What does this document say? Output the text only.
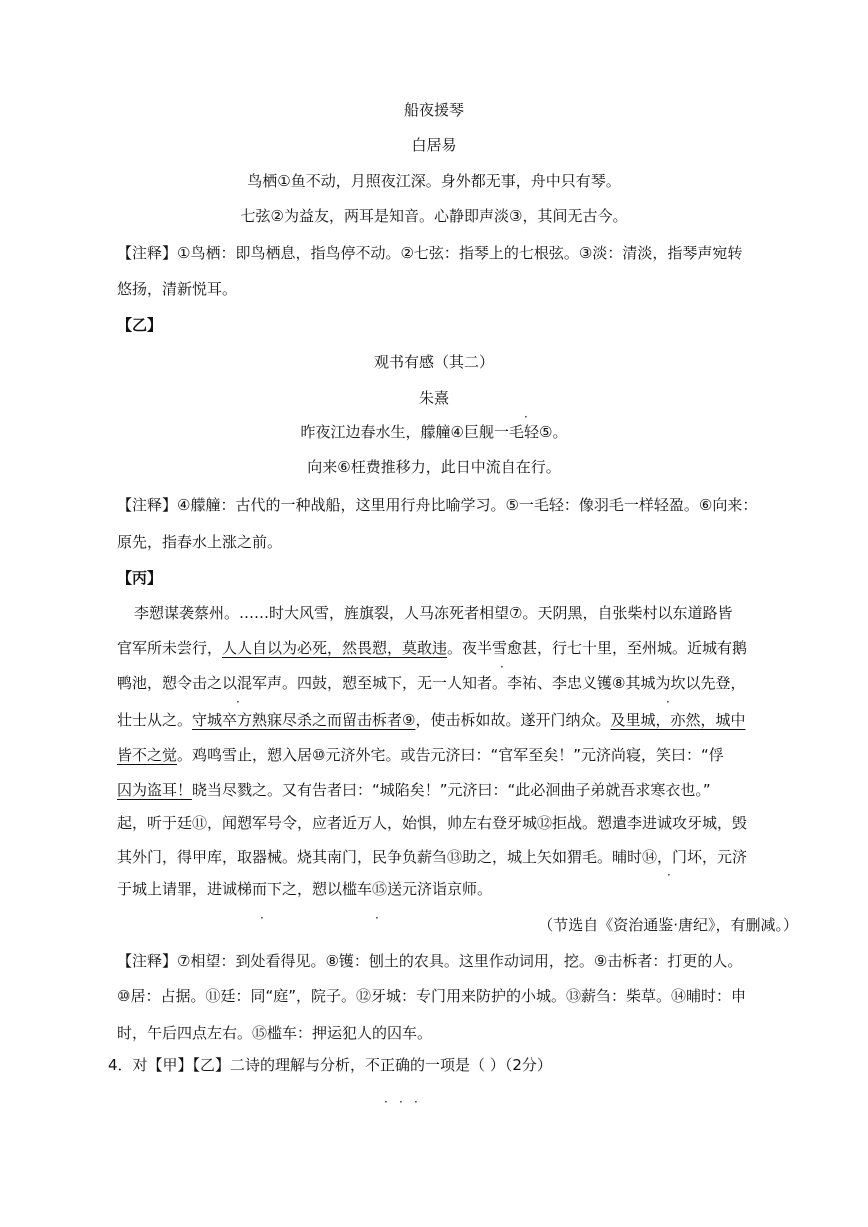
船夜援琴
白居易
鸟栖①鱼不动，月照夜江深。身外都无事，舟中只有琴。
七弦②为益友，两耳是知音。心静即声淡③，其间无古今。
【注释】①鸟栖：即鸟栖息，指鸟停不动。②七弦：指琴上的七根弦。③淡：清淡，指琴声宛转
悠扬，清新悦耳。
【乙】
观书有感（其二）
朱熹
昨夜江边春水生，艨艟④巨舰一毛轻⑤。
向来⑥枉费推移力，此日中流自在行。
【注释】④艨艟：古代的一种战船，这里用行舟比喻学习。⑤一毛轻：像羽毛一样轻盈。⑥向来：
原先，指春水上涨之前。
【丙】
李愬谋袭蔡州。……时大风雪，旌旗裂，人马冻死者相望⑦。天阴黑，自张柴村以东道路皆
官军所未尝行，人人自以为必死，然畏愬，莫敢违。夜半雪愈甚，行七十里，至州城。近城有鹅
鸭池，愬令击之以混军声。四鼓，愬至城下，无一人知者。李祐、李忠义镬⑧其城为坎以先登，
壮士从之。守城卒方熟寐尽杀之而留击柝者⑨，使击柝如故。遂开门纳众。及里城，亦然，城中
皆不之觉。鸡鸣雪止，愬入居⑩元济外宅。或告元济曰：“官军至矣！”元济尚寝，笑曰：“俘
囚为盗耳！晓当尽戮之。又有告者曰：“城陷矣！”元济曰：“此必洄曲子弟就吾求寒衣也。”
起，听于廷⑪，闻愬军号令，应者近万人，始惧，帅左右登牙城⑫拒战。愬遣李进诚攻牙城，毁
其外门，得甲库，取器械。烧其南门，民争负薪刍⑬助之，城上矢如猬毛。晡时⑭，门坏，元济
于城上请罪，进诚梯而下之，愬以槛车⑮送元济诣京师。
（节选自《资治通鉴·唐纪》，有删减。）
【注释】⑦相望：到处看得见。⑧镬：刨土的农具。这里作动词用，挖。⑨击柝者：打更的人。
⑩居：占据。⑪廷：同“庭”，院子。⑫牙城：专门用来防护的小城。⑬薪刍：柴草。⑭晡时：申
时，午后四点左右。⑮槛车：押运犯人的囚车。
4．对【甲】【乙】二诗的理解与分析，不正确的一项是（ ）（2分）
·
·
·	·
·
·	·
· · ·
